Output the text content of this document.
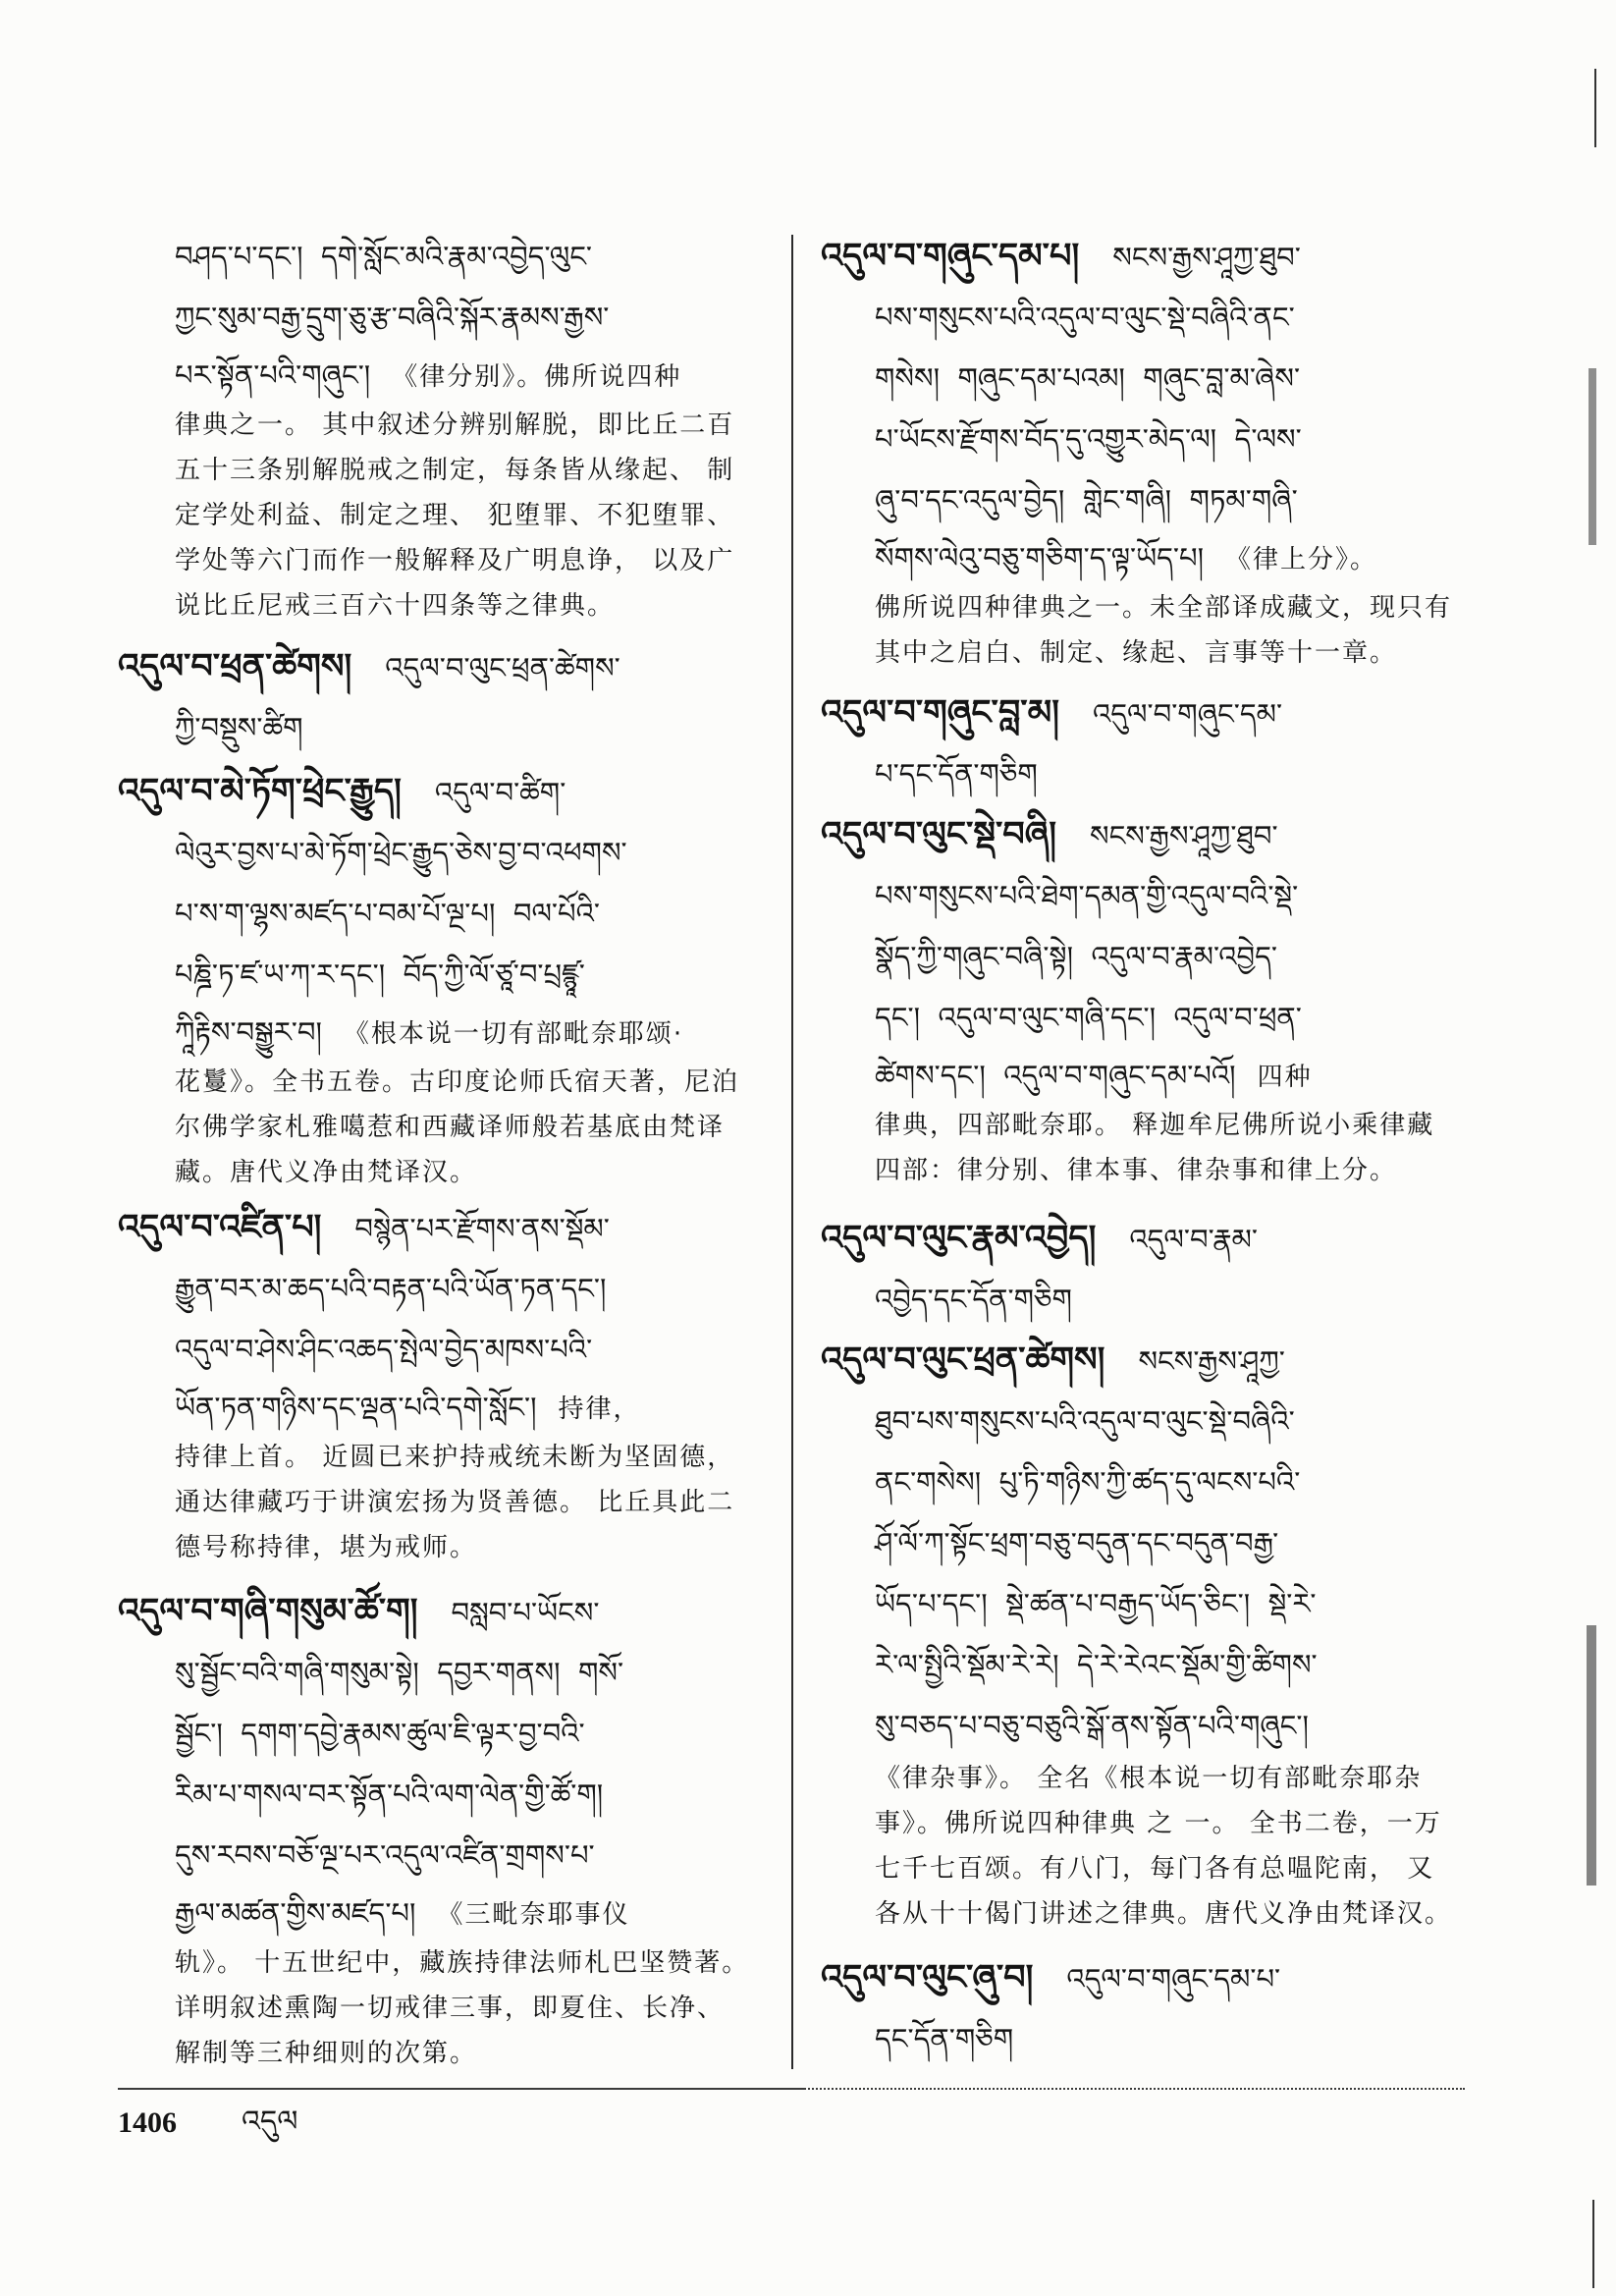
བཤད་པ་དང་།  དགེ་སློང་མའི་རྣམ་འབྱེད་ལུང་
ཀྱང་སུམ་བརྒྱ་དྲུག་ཅུ་རྩ་བཞིའི་སྐོར་རྣམས་རྒྱས་
པར་སྟོན་པའི་གཞུང་། 《律分别》。佛所说四种
律典之一。 其中叙述分辨别解脱，即比丘二百
五十三条别解脱戒之制定，每条皆从缘起、 制
定学处利益、制定之理、 犯堕罪、不犯堕罪、
学处等六门而作一般解释及广明息诤， 以及广
说比丘尼戒三百六十四条等之律典。
འདུལ་བ་ཕྲན་ཚེགས། འདུལ་བ་ལུང་ཕྲན་ཚེགས་
ཀྱི་བསྡུས་ཚིག
འདུལ་བ་མེ་ཏོག་ཕྲེང་རྒྱུད། འདུལ་བ་ཚིག་
ལེའུར་བྱས་པ་མེ་ཏོག་ཕྲེང་རྒྱུད་ཅེས་བྱ་བ་འཕགས་
པ་ས་ག་ལྷས་མཛད་པ་བམ་པོ་ལྔ་པ།  བལ་པོའི་
པཎྜི་ཏ་ཛ་ཡ་ཀ་ར་དང་།  བོད་ཀྱི་ལོ་ཙཱ་བ་པྲཛྙཱ་
ཀཱིརྟིས་བསྒྱུར་བ། 《根本说一切有部毗奈耶颂·
花鬘》。全书五卷。古印度论师氏宿天著，尼泊
尔佛学家札雅噶惹和西藏译师般若基底由梵译
藏。唐代义净由梵译汉。
འདུལ་བ་འཛིན་པ། བསྙེན་པར་རྫོགས་ནས་སྡོམ་
རྒྱུན་བར་མ་ཆད་པའི་བརྟན་པའི་ཡོན་ཏན་དང་།
འདུལ་བ་ཤེས་ཤིང་འཆད་སྤེལ་བྱེད་མཁས་པའི་
ཡོན་ཏན་གཉིས་དང་ལྡན་པའི་དགེ་སློང་། 持律，
持律上首。 近圆已来护持戒统未断为坚固德，
通达律藏巧于讲演宏扬为贤善德。 比丘具此二
德号称持律，堪为戒师。
འདུལ་བ་གཞི་གསུམ་ཚོ་ག། བསླབ་པ་ཡོངས་
སུ་སྦྱོང་བའི་གཞི་གསུམ་སྟེ།  དབྱར་གནས།  གསོ་
སྦྱོང་།  དགག་དབྱེ་རྣམས་ཚུལ་ཇི་ལྟར་བྱ་བའི་
རིམ་པ་གསལ་བར་སྟོན་པའི་ལག་ལེན་གྱི་ཚོ་ག།
དུས་རབས་བཅོ་ལྔ་པར་འདུལ་འཛིན་གྲགས་པ་
རྒྱལ་མཚན་གྱིས་མཛད་པ། 《三毗奈耶事仪
轨》。 十五世纪中，藏族持律法师札巴坚赞著。
详明叙述熏陶一切戒律三事，即夏住、长净、
解制等三种细则的次第。
འདུལ་བ་གཞུང་དམ་པ། སངས་རྒྱས་ཤཱཀྱ་ཐུབ་
པས་གསུངས་པའི་འདུལ་བ་ལུང་སྡེ་བཞིའི་ནང་
གསེས།  གཞུང་དམ་པའམ།  གཞུང་བླ་མ་ཞེས་
པ་ཡོངས་རྫོགས་བོད་དུ་འགྱུར་མེད་ལ།  དེ་ལས་
ཞུ་བ་དང་འདུལ་བྱེད།  གླེང་གཞི།  གཏམ་གཞི་
སོགས་ལེའུ་བཅུ་གཅིག་ད་ལྟ་ཡོད་པ། 《律上分》。
佛所说四种律典之一。未全部译成藏文，现只有
其中之启白、制定、缘起、言事等十一章。
འདུལ་བ་གཞུང་བླ་མ། འདུལ་བ་གཞུང་དམ་
པ་དང་དོན་གཅིག
འདུལ་བ་ལུང་སྡེ་བཞི། སངས་རྒྱས་ཤཱཀྱ་ཐུབ་
པས་གསུངས་པའི་ཐེག་དམན་གྱི་འདུལ་བའི་སྡེ་
སྣོད་ཀྱི་གཞུང་བཞི་སྟེ།  འདུལ་བ་རྣམ་འབྱེད་
དང་།  འདུལ་བ་ལུང་གཞི་དང་།  འདུལ་བ་ཕྲན་
ཚེགས་དང་།  འདུལ་བ་གཞུང་དམ་པའོ། 四种
律典，四部毗奈耶。 释迦牟尼佛所说小乘律藏
四部：律分别、律本事、律杂事和律上分。
འདུལ་བ་ལུང་རྣམ་འབྱེད། འདུལ་བ་རྣམ་
འབྱེད་དང་དོན་གཅིག
འདུལ་བ་ལུང་ཕྲན་ཚེགས། སངས་རྒྱས་ཤཱཀྱ་
ཐུབ་པས་གསུངས་པའི་འདུལ་བ་ལུང་སྡེ་བཞིའི་
ནང་གསེས།  པུ་ཏི་གཉིས་ཀྱི་ཚད་དུ་ལངས་པའི་
ཤོ་ལོ་ཀ་སྟོང་ཕྲག་བཅུ་བདུན་དང་བདུན་བརྒྱ་
ཡོད་པ་དང་།  སྡེ་ཚན་པ་བརྒྱད་ཡོད་ཅིང་།  སྡེ་རེ་
རེ་ལ་སྤྱིའི་སྡོམ་རེ་རེ།  དེ་རེ་རེའང་སྡོམ་གྱི་ཚིགས་
སུ་བཅད་པ་བཅུ་བཅུའི་སྒོ་ནས་སྟོན་པའི་གཞུང་།
《律杂事》。 全名《根本说一切有部毗奈耶杂
事》。佛所说四种律典 之 一。 全书二卷，一万
七千七百颂。有八门，每门各有总嗢陀南， 又
各从十十偈门讲述之律典。唐代义净由梵译汉。
འདུལ་བ་ལུང་ཞུ་བ། འདུལ་བ་གཞུང་དམ་པ་
དང་དོན་གཅིག
1406 འདུལ
